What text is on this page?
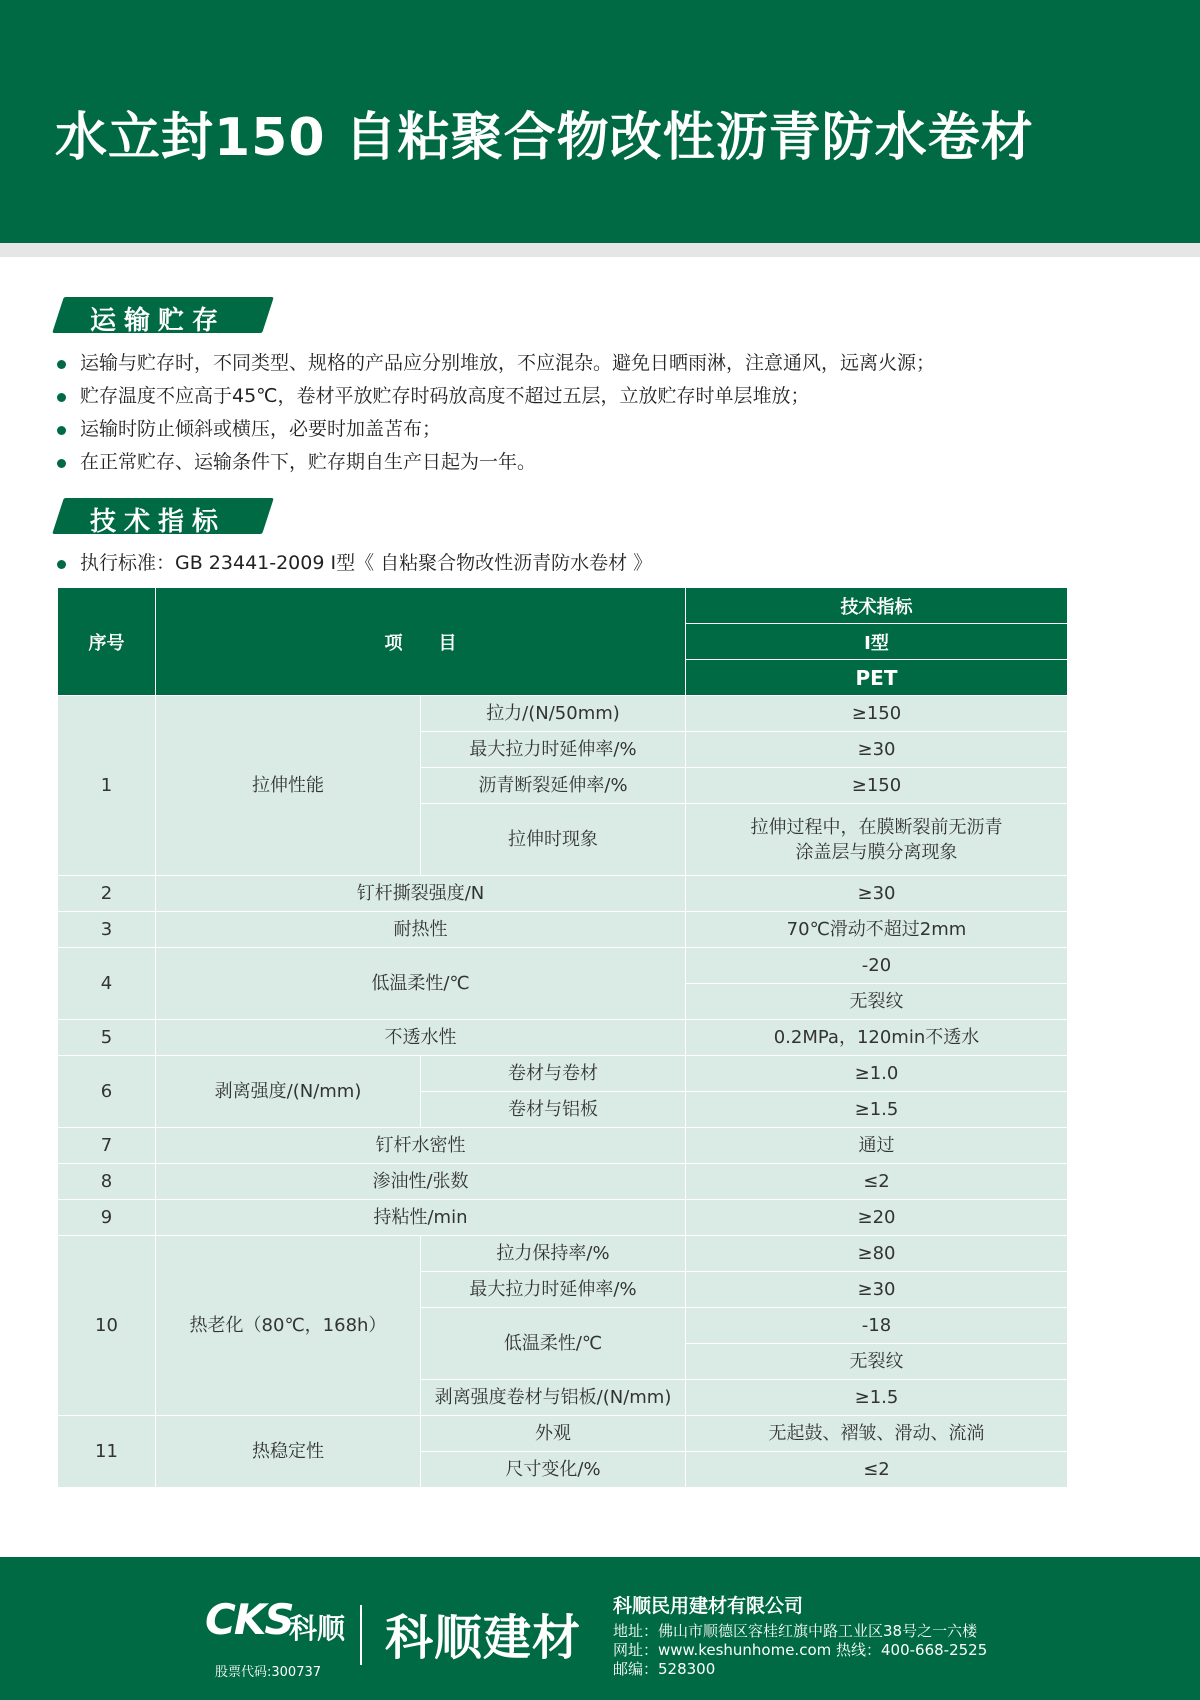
水立封150 自粘聚合物改性沥青防水卷材
运输贮存
运输与贮存时，不同类型、规格的产品应分别堆放，不应混杂。避免日晒雨淋，注意通风，远离火源；
贮存温度不应高于45℃，卷材平放贮存时码放高度不超过五层，立放贮存时单层堆放；
运输时防止倾斜或横压，必要时加盖苫布；
在正常贮存、运输条件下，贮存期自生产日起为一年。
技术指标
执行标准：GB 23441-2009 I型《 自粘聚合物改性沥青防水卷材 》
序号	项　　目		技术指标
			Ⅰ型
			PET
1	拉伸性能	拉力/(N/50mm)	≥150
		最大拉力时延伸率/%	≥30
		沥青断裂延伸率/%	≥150
		拉伸时现象	拉伸过程中，在膜断裂前无沥青
涂盖层与膜分离现象

2	钉杆撕裂强度/N		≥30
3	耐热性		70℃滑动不超过2mm
4	低温柔性/℃		-20
			无裂纹
5	不透水性		0.2MPa，120min不透水
6	剥离强度/(N/mm)	卷材与卷材	≥1.0
		卷材与铝板	≥1.5
7	钉杆水密性		通过
8	渗油性/张数		≤2
9	持粘性/min		≥20
10	热老化（80℃，168h）	拉力保持率/%	≥80
		最大拉力时延伸率/%	≥30
		低温柔性/℃	-18
			无裂纹
		剥离强度卷材与铝板/(N/mm)	≥1.5
11	热稳定性	外观	无起鼓、褶皱、滑动、流淌
		尺寸变化/%	≤2
CKS
科顺
股票代码:300737
科顺建材
科顺民用建材有限公司
地址：佛山市顺德区容桂红旗中路工业区38号之一六楼
网址：www.keshunhome.com 热线：400-668-2525
邮编：528300
